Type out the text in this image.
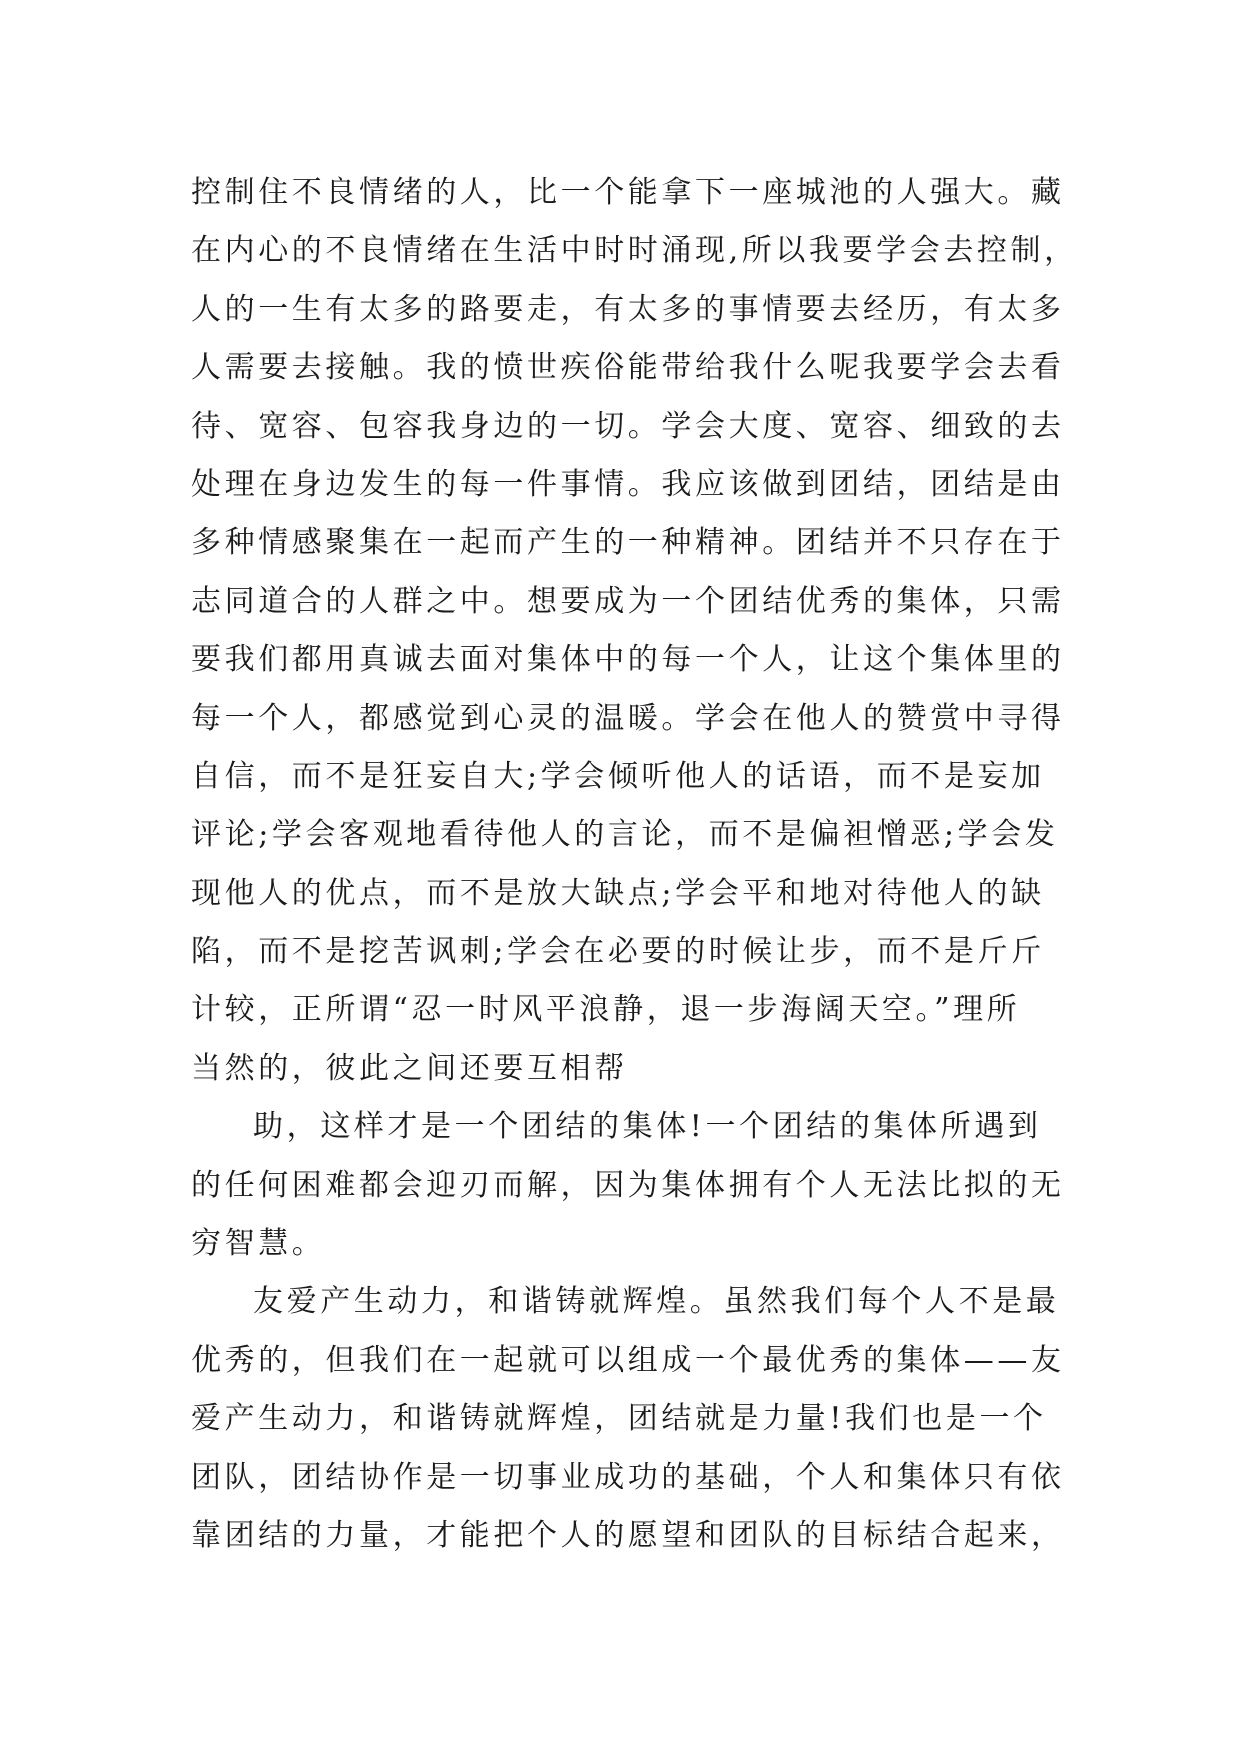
控制住不良情绪的人，比一个能拿下一座城池的人强大。藏
在内心的不良情绪在生活中时时涌现,所以我要学会去控制，
人的一生有太多的路要走，有太多的事情要去经历，有太多
人需要去接触。我的愤世疾俗能带给我什么呢我要学会去看
待、宽容、包容我身边的一切。学会大度、宽容、细致的去
处理在身边发生的每一件事情。我应该做到团结，团结是由
多种情感聚集在一起而产生的一种精神。团结并不只存在于
志同道合的人群之中。想要成为一个团结优秀的集体，只需
要我们都用真诚去面对集体中的每一个人，让这个集体里的
每一个人，都感觉到心灵的温暖。学会在他人的赞赏中寻得
自信，而不是狂妄自大;学会倾听他人的话语，而不是妄加
评论;学会客观地看待他人的言论，而不是偏袒憎恶;学会发
现他人的优点，而不是放大缺点;学会平和地对待他人的缺
陷，而不是挖苦讽刺;学会在必要的时候让步，而不是斤斤
计较，正所谓“忍一时风平浪静，退一步海阔天空。”理所
当然的，彼此之间还要互相帮
助，这样才是一个团结的集体!一个团结的集体所遇到
的任何困难都会迎刃而解，因为集体拥有个人无法比拟的无
穷智慧。
友爱产生动力，和谐铸就辉煌。虽然我们每个人不是最
优秀的，但我们在一起就可以组成一个最优秀的集体——友
爱产生动力，和谐铸就辉煌，团结就是力量!我们也是一个
团队，团结协作是一切事业成功的基础，个人和集体只有依
靠团结的力量，才能把个人的愿望和团队的目标结合起来，
